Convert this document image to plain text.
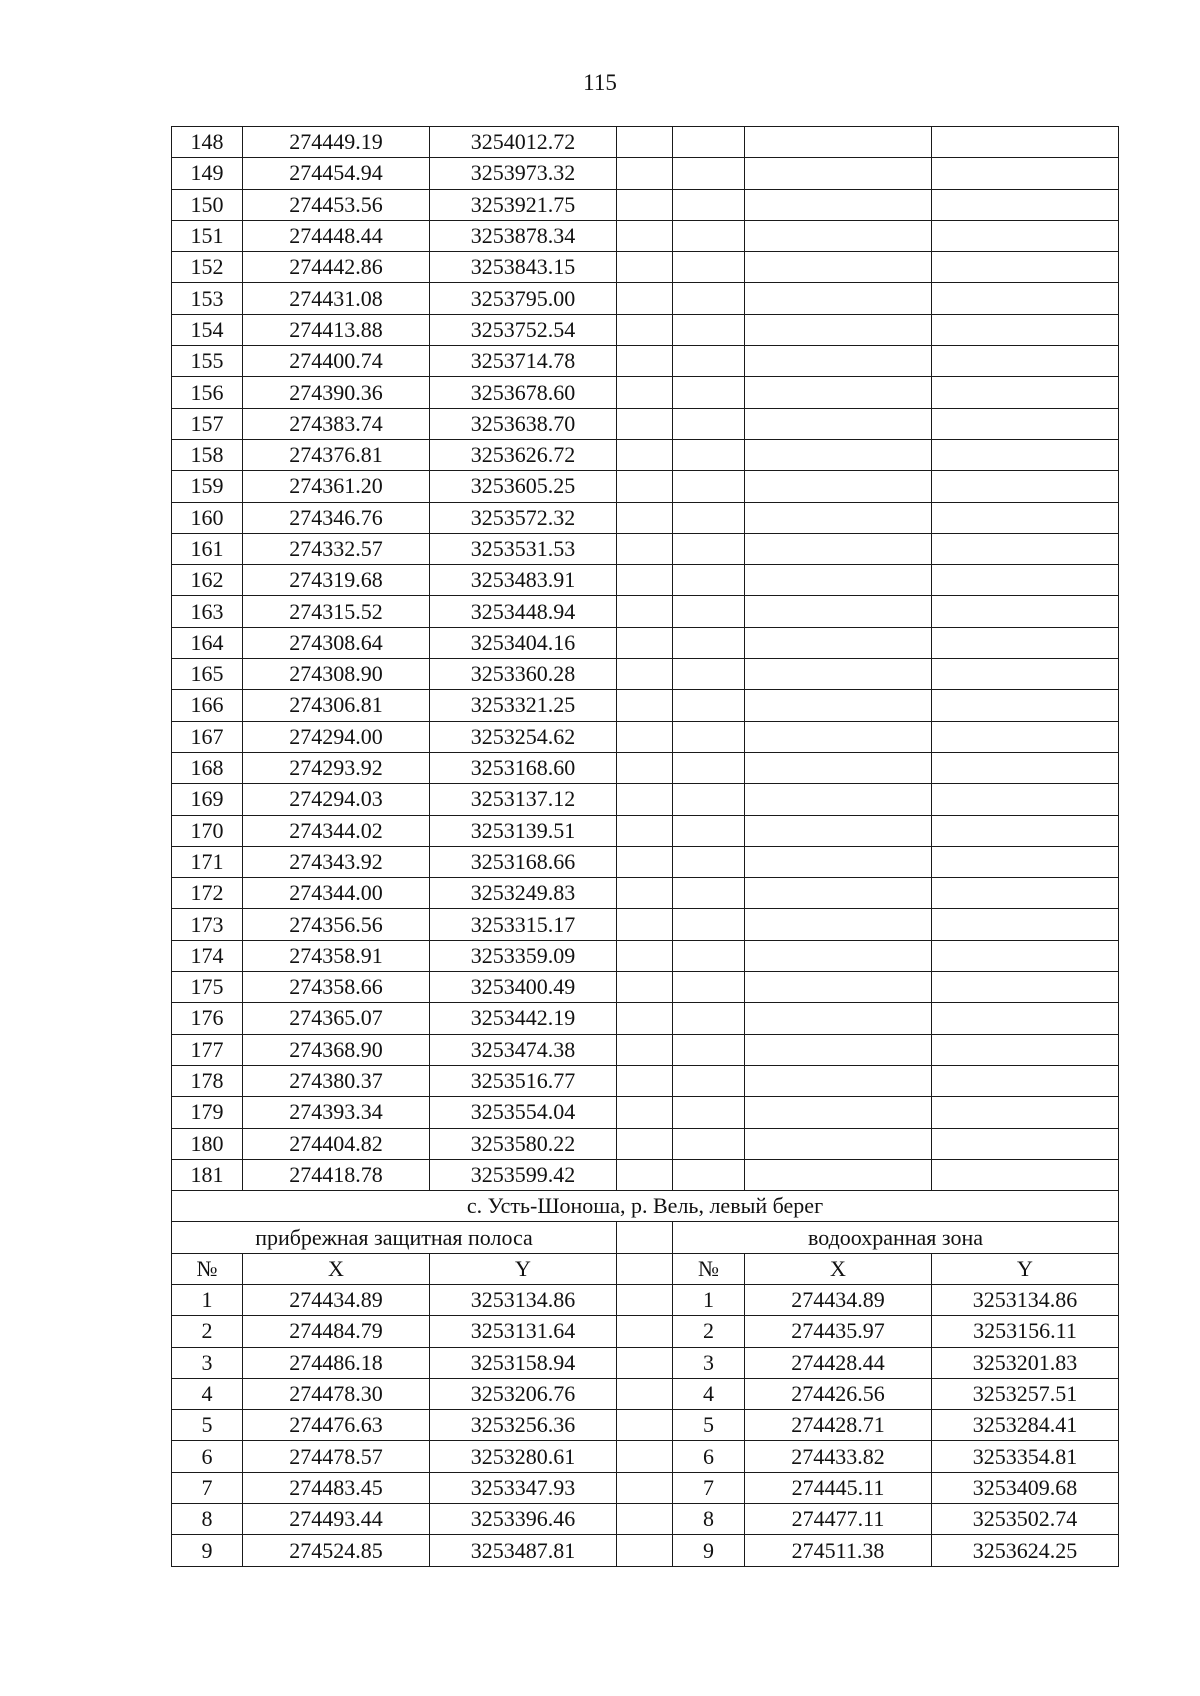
115
148	274449.19	3254012.72				
149	274454.94	3253973.32				
150	274453.56	3253921.75				
151	274448.44	3253878.34				
152	274442.86	3253843.15				
153	274431.08	3253795.00				
154	274413.88	3253752.54				
155	274400.74	3253714.78				
156	274390.36	3253678.60				
157	274383.74	3253638.70				
158	274376.81	3253626.72				
159	274361.20	3253605.25				
160	274346.76	3253572.32				
161	274332.57	3253531.53				
162	274319.68	3253483.91				
163	274315.52	3253448.94				
164	274308.64	3253404.16				
165	274308.90	3253360.28				
166	274306.81	3253321.25				
167	274294.00	3253254.62				
168	274293.92	3253168.60				
169	274294.03	3253137.12				
170	274344.02	3253139.51				
171	274343.92	3253168.66				
172	274344.00	3253249.83				
173	274356.56	3253315.17				
174	274358.91	3253359.09				
175	274358.66	3253400.49				
176	274365.07	3253442.19				
177	274368.90	3253474.38				
178	274380.37	3253516.77				
179	274393.34	3253554.04				
180	274404.82	3253580.22				
181	274418.78	3253599.42				
с. Усть-Шоноша, р. Вель, левый берег						
прибрежная защитная полоса				водоохранная зона		
№	X	Y		№	X	Y
1	274434.89	3253134.86		1	274434.89	3253134.86
2	274484.79	3253131.64		2	274435.97	3253156.11
3	274486.18	3253158.94		3	274428.44	3253201.83
4	274478.30	3253206.76		4	274426.56	3253257.51
5	274476.63	3253256.36		5	274428.71	3253284.41
6	274478.57	3253280.61		6	274433.82	3253354.81
7	274483.45	3253347.93		7	274445.11	3253409.68
8	274493.44	3253396.46		8	274477.11	3253502.74
9	274524.85	3253487.81		9	274511.38	3253624.25
